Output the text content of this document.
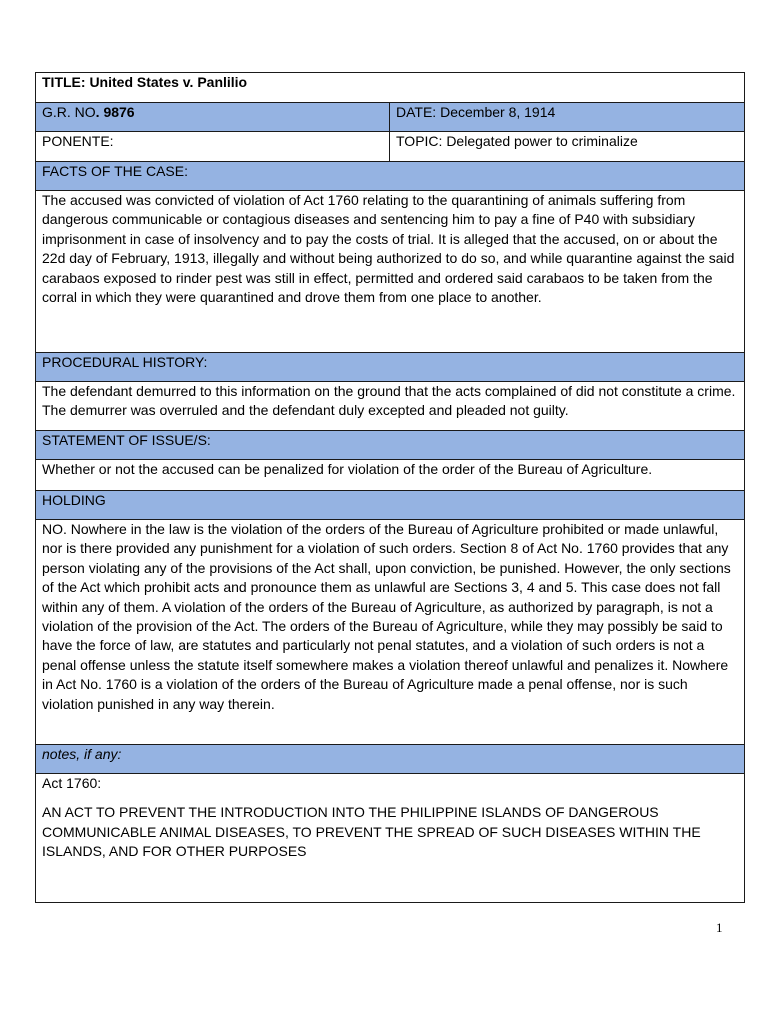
TITLE: United States v. Panlilio	
G.R. NO. 9876	DATE: December 8, 1914
PONENTE:	TOPIC: Delegated power to criminalize
FACTS OF THE CASE:	
The accused was convicted of violation of Act 1760 relating to the quarantining of animals suffering from dangerous communicable or contagious diseases and sentencing him to pay a fine of P40 with subsidiary imprisonment in case of insolvency and to pay the costs of trial. It is alleged that the accused, on or about the 22d day of February, 1913, illegally and without being authorized to do so, and while quarantine against the said carabaos exposed to rinder pest was still in effect, permitted and ordered said carabaos to be taken from the corral in which they were quarantined and drove them from one place to another.	
PROCEDURAL HISTORY:	
The defendant demurred to this information on the ground that the acts complained of did not constitute a crime. The demurrer was overruled and the defendant duly excepted and pleaded not guilty.	
STATEMENT OF ISSUE/S:	
Whether or not the accused can be penalized for violation of the order of the Bureau of Agriculture.	
HOLDING	
NO. Nowhere in the law is the violation of the orders of the Bureau of Agriculture prohibited or made unlawful, nor is there provided any punishment for a violation of such orders. Section 8 of Act No. 1760 provides that any person violating any of the provisions of the Act shall, upon conviction, be punished. However, the only sections of the Act which prohibit acts and pronounce them as unlawful are Sections 3, 4 and 5. This case does not fall within any of them. A violation of the orders of the Bureau of Agriculture, as authorized by paragraph, is not a violation of the provision of the Act. The orders of the Bureau of Agriculture, while they may possibly be said to have the force of law, are statutes and particularly not penal statutes, and a violation of such orders is not a penal offense unless the statute itself somewhere makes a violation thereof unlawful and penalizes it. Nowhere in Act No. 1760 is a violation of the orders of the Bureau of Agriculture made a penal offense, nor is such violation punished in any way therein.	
notes, if any:	

Act 1760:
AN ACT TO PREVENT THE INTRODUCTION INTO THE PHILIPPINE ISLANDS OF DANGEROUS COMMUNICABLE ANIMAL DISEASES, TO PREVENT THE SPREAD OF SUCH DISEASES WITHIN THE ISLANDS, AND FOR OTHER PURPOSES	
1
